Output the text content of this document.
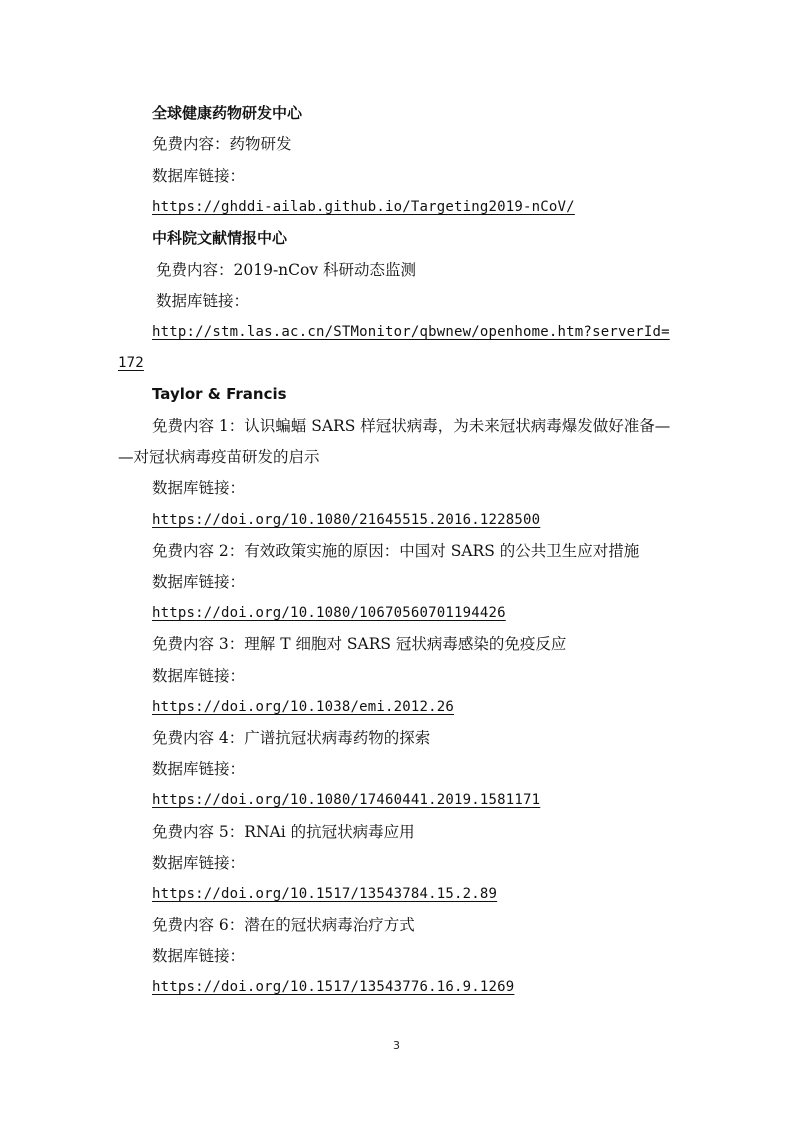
全球健康药物研发中心
免费内容：药物研发
数据库链接：
https://ghddi-ailab.github.io/Targeting2019-nCoV/
中科院文献情报中心
免费内容：2019-nCov 科研动态监测
数据库链接：
http://stm.las.ac.cn/STMonitor/qbwnew/openhome.htm?serverId=
172
Taylor & Francis
免费内容 1：认识蝙蝠 SARS 样冠状病毒，为未来冠状病毒爆发做好准备—
—对冠状病毒疫苗研发的启示
数据库链接：
https://doi.org/10.1080/21645515.2016.1228500
免费内容 2：有效政策实施的原因：中国对 SARS 的公共卫生应对措施
数据库链接：
https://doi.org/10.1080/10670560701194426
免费内容 3：理解 T 细胞对 SARS 冠状病毒感染的免疫反应
数据库链接：
https://doi.org/10.1038/emi.2012.26
免费内容 4：广谱抗冠状病毒药物的探索
数据库链接：
https://doi.org/10.1080/17460441.2019.1581171
免费内容 5：RNAi 的抗冠状病毒应用
数据库链接：
https://doi.org/10.1517/13543784.15.2.89
免费内容 6：潜在的冠状病毒治疗方式
数据库链接：
https://doi.org/10.1517/13543776.16.9.1269
3
